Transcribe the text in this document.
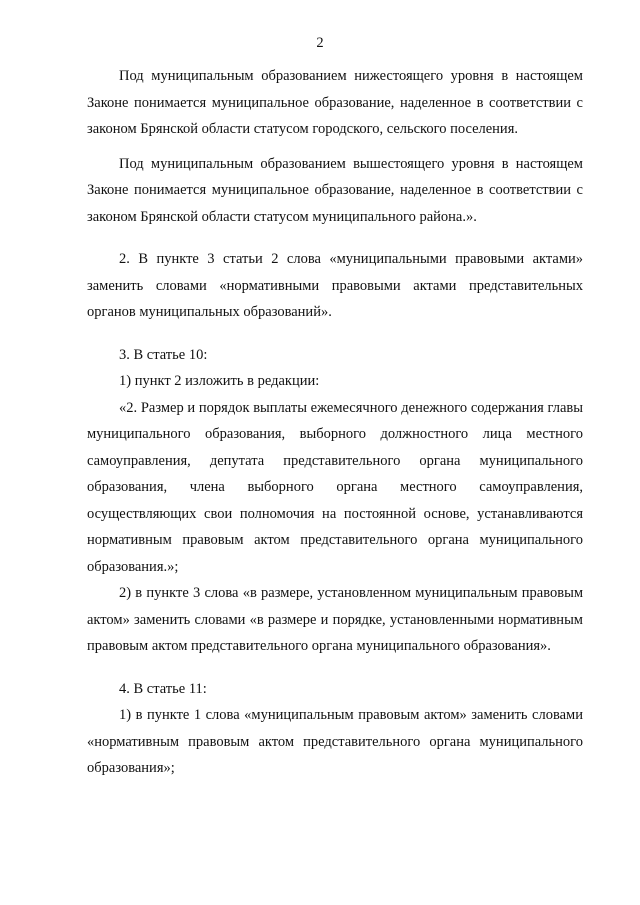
2

Под муниципальным образованием нижестоящего уровня в настоящем Законе понимается муниципальное образование, наделенное в соответствии с законом Брянской области статусом городского, сельского поселения.

Под муниципальным образованием вышестоящего уровня в настоящем Законе понимается муниципальное образование, наделенное в соответствии с законом Брянской области статусом муниципального района.».

2. В пункте 3 статьи 2 слова «муниципальными правовыми актами» заменить словами «нормативными правовыми актами представительных органов муниципальных образований».

3. В статье 10:

1) пункт 2 изложить в редакции:

«2. Размер и порядок выплаты ежемесячного денежного содержания главы муниципального образования, выборного должностного лица местного самоуправления, депутата представительного органа муниципального образования, члена выборного органа местного самоуправления, осуществляющих свои полномочия на постоянной основе, устанавливаются нормативным правовым актом представительного органа муниципального образования.»;

2) в пункте 3 слова «в размере, установленном муниципальным правовым актом» заменить словами «в размере и порядке, установленными нормативным правовым актом представительного органа муниципального образования».

4. В статье 11:

1) в пункте 1 слова «муниципальным правовым актом» заменить словами «нормативным правовым актом представительного органа муниципального образования»;
